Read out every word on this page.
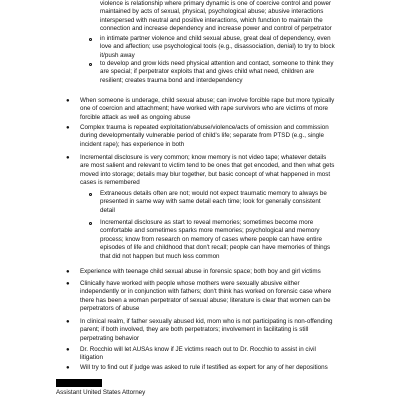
violence is relationship where primary dynamic is one of coercive control and power
maintained by acts of sexual, physical, psychological abuse; abusive interactions
interspersed with neutral and positive interactions, which function to maintain the
connection and increase dependency and increase power and control of perpetrator
in intimate partner violence and child sexual abuse, great deal of dependency, even
love and affection; use psychological tools (e.g., disassociation, denial) to try to block
it/push away
to develop and grow kids need physical attention and contact, someone to think they
are special; if perpetrator exploits that and gives child what need, children are
resilient; creates trauma bond and interdependency
● When someone is underage, child sexual abuse; can involve forcible rape but more typically
one of coercion and attachment; have worked with rape survivors who are victims of more
forcible attack as well as ongoing abuse
● Complex trauma is repeated exploitation/abuse/violence/acts of omission and commission
during developmentally vulnerable period of child's life; separate from PTSD (e.g., single
incident rape); has experience in both
● Incremental disclosure is very common; know memory is not video tape; whatever details
are most salient and relevant to victim tend to be ones that get encoded, and then what gets
moved into storage; details may blur together, but basic concept of what happened in most
cases is remembered
Extraneous details often are not; would not expect traumatic memory to always be
presented in same way with same detail each time; look for generally consistent
detail
Incremental disclosure as start to reveal memories; sometimes become more
comfortable and sometimes sparks more memories; psychological and memory
process; know from research on memory of cases where people can have entire
episodes of life and childhood that don't recall; people can have memories of things
that did not happen but much less common
● Experience with teenage child sexual abuse in forensic space; both boy and girl victims
● Clinically have worked with people whose mothers were sexually abusive either
independently or in conjunction with fathers; don't think has worked on forensic case where
there has been a woman perpetrator of sexual abuse; literature is clear that women can be
perpetrators of abuse
● In clinical realm, if father sexually abused kid, mom who is not participating is non-offending
parent; if both involved, they are both perpetrators; involvement in facilitating is still
perpetrating behavior
● Dr. Rocchio will let AUSAs know if JE victims reach out to Dr. Rocchio to assist in civil
litigation
● Will try to find out if judge was asked to rule if testified as expert for any of her depositions
Assistant United States Attorney
